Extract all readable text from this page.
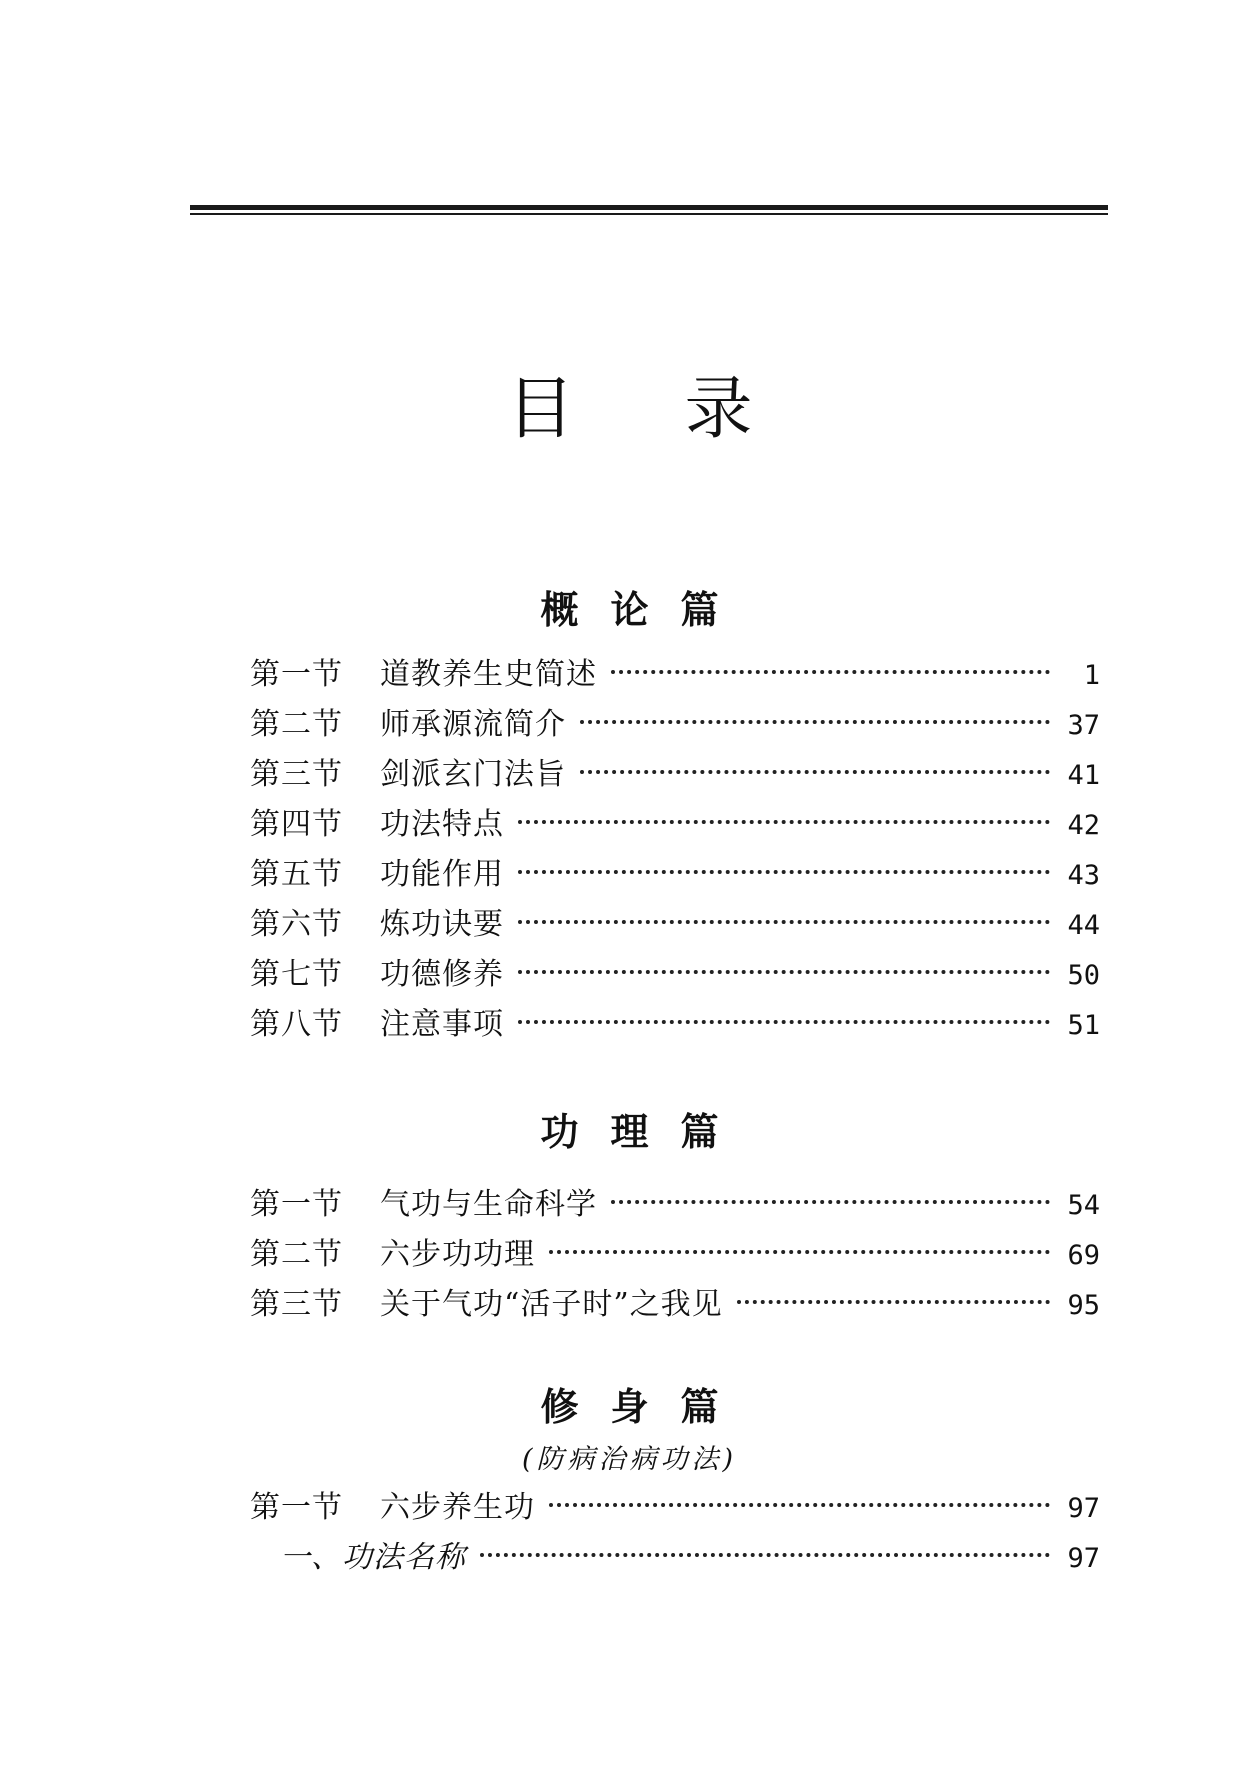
目录
概论篇
第一节	道教养生史简述	1
第二节	师承源流简介	37
第三节	剑派玄门法旨	41
第四节	功法特点	42
第五节	功能作用	43
第六节	炼功诀要	44
第七节	功德修养	50
第八节	注意事项	51
功理篇
第一节	气功与生命科学	54
第二节	六步功功理	69
第三节	关于气功“活子时”之我见	95
修身篇
(防病治病功法)
第一节	六步养生功	97
一、功法名称	97
